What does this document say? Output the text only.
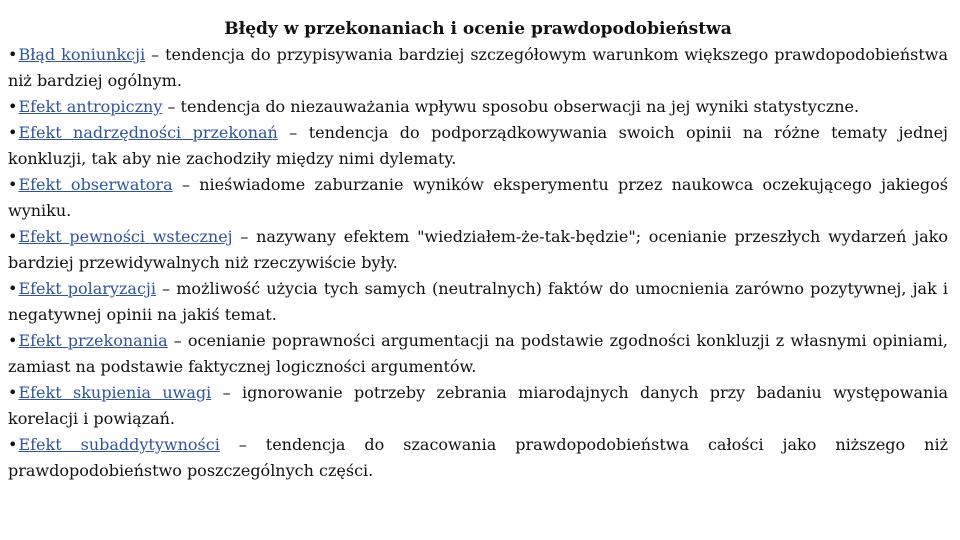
Błędy w przekonaniach i ocenie prawdopodobieństwa
•Błąd koniunkcji – tendencja do przypisywania bardziej szczegółowym warunkom większego prawdopodobieństwa niż bardziej ogólnym.
•Efekt antropiczny – tendencja do niezauważania wpływu sposobu obserwacji na jej wyniki statystyczne.
•Efekt nadrzędności przekonań – tendencja do podporządkowywania swoich opinii na różne tematy jednej konkluzji, tak aby nie zachodziły między nimi dylematy.
•Efekt obserwatora – nieświadome zaburzanie wyników eksperymentu przez naukowca oczekującego jakiegoś wyniku.
•Efekt pewności wstecznej – nazywany efektem "wiedziałem-że-tak-będzie"; ocenianie przeszłych wydarzeń jako bardziej przewidywalnych niż rzeczywiście były.
•Efekt polaryzacji – możliwość użycia tych samych (neutralnych) faktów do umocnienia zarówno pozytywnej, jak i negatywnej opinii na jakiś temat.
•Efekt przekonania – ocenianie poprawności argumentacji na podstawie zgodności konkluzji z własnymi opiniami, zamiast na podstawie faktycznej logiczności argumentów.
•Efekt skupienia uwagi – ignorowanie potrzeby zebrania miarodajnych danych przy badaniu występowania korelacji i powiązań.
•Efekt subaddytywności – tendencja do szacowania prawdopodobieństwa całości jako niższego niż prawdopodobieństwo poszczególnych części.
